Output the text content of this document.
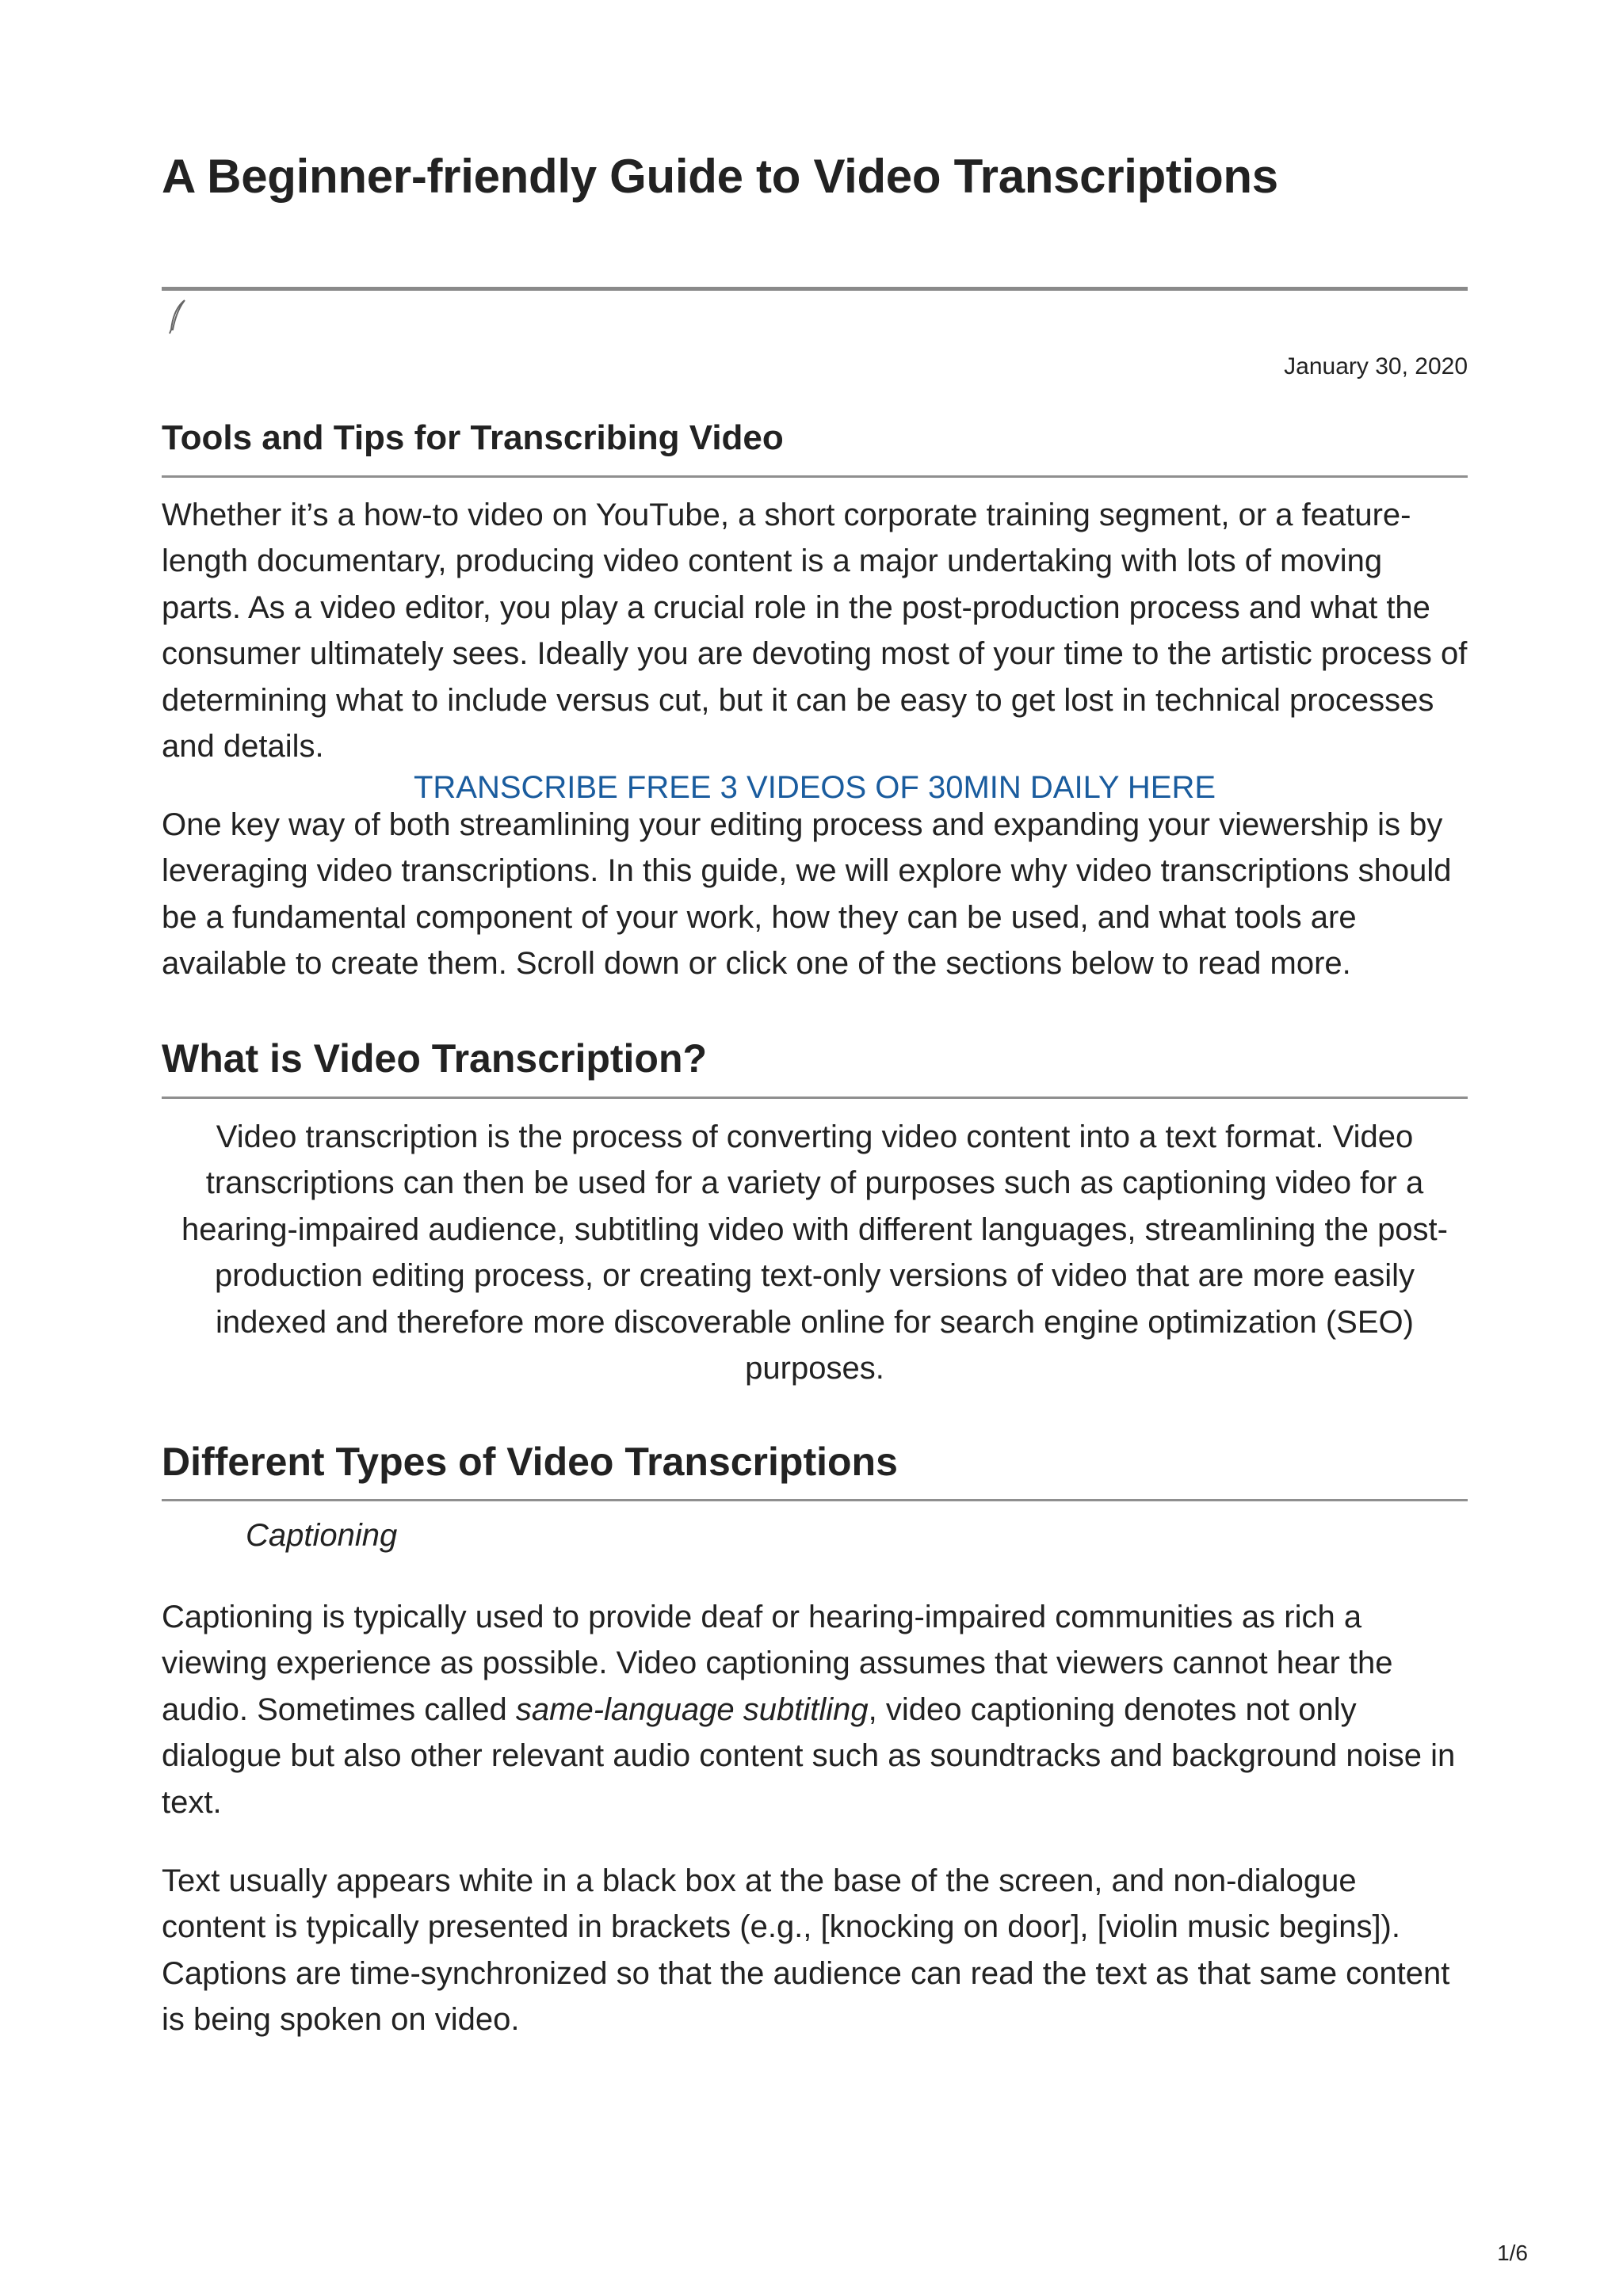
A Beginner-friendly Guide to Video Transcriptions
January 30, 2020
Tools and Tips for Transcribing Video

Whether it’s a how-to video on YouTube, a short corporate training segment, or a feature-length documentary, producing video content is a major undertaking with lots of moving parts. As a video editor, you play a crucial role in the post-production process and what the consumer ultimately sees. Ideally you are devoting most of your time to the artistic process of determining what to include versus cut, but it can be easy to get lost in technical processes and details.

TRANSCRIBE FREE 3 VIDEOS OF 30MIN DAILY HERE

One key way of both streamlining your editing process and expanding your viewership is by leveraging video transcriptions. In this guide, we will explore why video transcriptions should be a fundamental component of your work, how they can be used, and what tools are available to create them. Scroll down or click one of the sections below to read more.

What is Video Transcription?

Video transcription is the process of converting video content into a text format. Video transcriptions can then be used for a variety of purposes such as captioning video for a hearing-impaired audience, subtitling video with different languages, streamlining the post-production editing process, or creating text-only versions of video that are more easily indexed and therefore more discoverable online for search engine optimization (SEO) purposes.

Different Types of Video Transcriptions

Captioning

Captioning is typically used to provide deaf or hearing-impaired communities as rich a viewing experience as possible. Video captioning assumes that viewers cannot hear the audio. Sometimes called same-language subtitling, video captioning denotes not only dialogue but also other relevant audio content such as soundtracks and background noise in text.

Text usually appears white in a black box at the base of the screen, and non-dialogue content is typically presented in brackets (e.g., [knocking on door], [violin music begins]). Captions are time-synchronized so that the audience can read the text as that same content is being spoken on video.

1/6
